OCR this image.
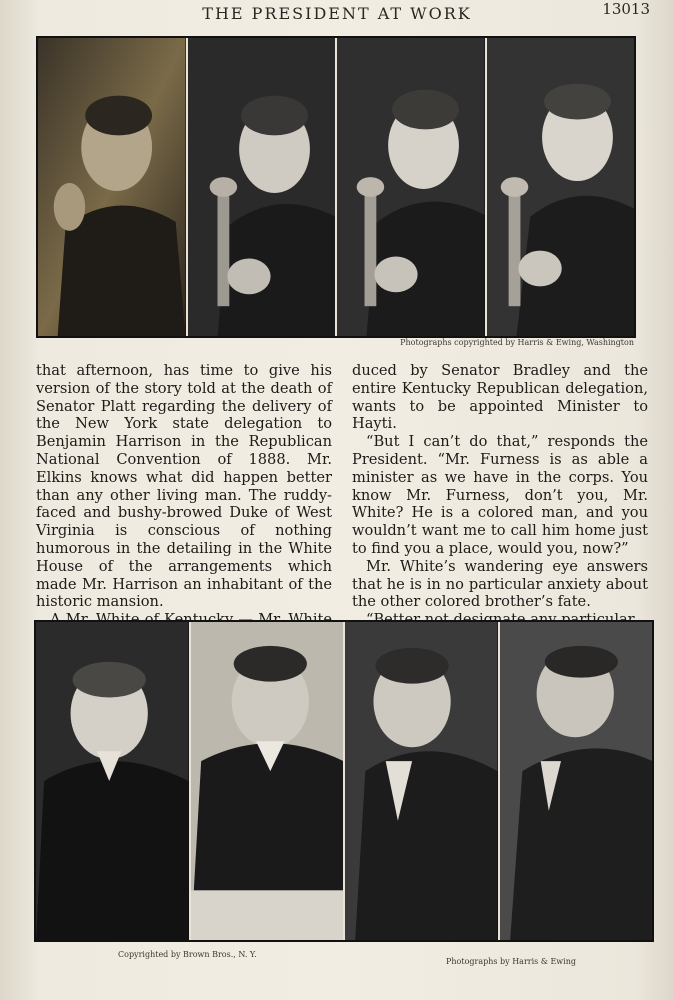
THE PRESIDENT AT WORK	13013
Photographs copyrighted by Harris & Ewing, Washington

that afternoon, has time to give his version of the story told at the death of Senator Platt regarding the delivery of the New York state delegation to Benjamin Harrison in the Republican National Convention of 1888. Mr. Elkins knows what did happen better than any other living man. The ruddy-faced and bushy-browed Duke of West Virginia is conscious of nothing humorous in the detailing in the White House of the arrangements which made Mr. Harrison an inhabitant of the historic mansion.

duced by Senator Bradley and the entire Kentucky Republican delegation, wants to be appointed Minister to Hayti.

“But I can’t do that,” responds the President. “Mr. Furness is as able a minister as we have in the corps. You know Mr. Furness, don’t you, Mr. White? He is a colored man, and you wouldn’t want me to call him home just to find you a place, would you, now?”

Mr. White’s wandering eye answers that he is in no particular anxiety about the other colored brother’s fate.

Copyrighted by Brown Bros., N. Y.
Photographs by Harris & Ewing
